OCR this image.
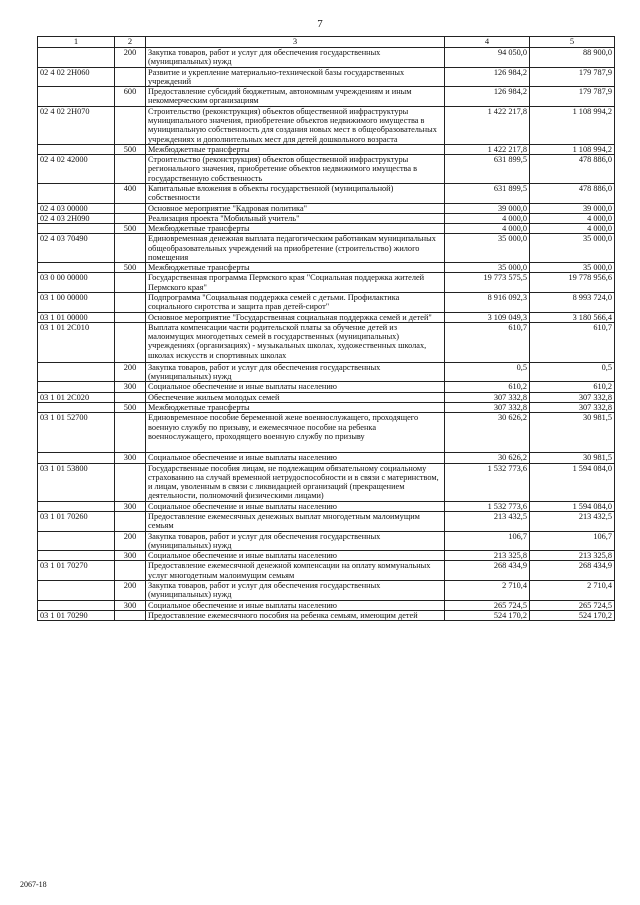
7
1	2	3	4	5
	200	Закупка товаров, работ и услуг для обеспечения государственных (муниципальных) нужд	94 050,0	88 900,0
02 4 02 2Н060		Развитие и укрепление материально-технической базы государственных учреждений	126 984,2	179 787,9
	600	Предоставление субсидий бюджетным, автономным учреждениям и иным некоммерческим организациям	126 984,2	179 787,9
02 4 02 2Н070		Строительство (реконструкция) объектов общественной инфраструктуры муниципального значения, приобретение объектов недвижимого имущества в муниципальную собственность для создания новых мест в общеобразовательных учреждениях и дополнительных мест для детей дошкольного возраста	1 422 217,8	1 108 994,2
	500	Межбюджетные трансферты	1 422 217,8	1 108 994,2
02 4 02 42000		Строительство (реконструкция) объектов общественной инфраструктуры регионального значения, приобретение объектов недвижимого имущества в государственную собственность	631 899,5	478 886,0
	400	Капитальные вложения в объекты государственной (муниципальной) собственности	631 899,5	478 886,0
02 4 03 00000		Основное мероприятие "Кадровая политика"	39 000,0	39 000,0
02 4 03 2Н090		Реализация проекта "Мобильный учитель"	4 000,0	4 000,0
	500	Межбюджетные трансферты	4 000,0	4 000,0
02 4 03 70490		Единовременная денежная выплата педагогическим работникам муниципальных общеобразовательных учреждений на приобретение (строительство) жилого помещения	35 000,0	35 000,0
	500	Межбюджетные трансферты	35 000,0	35 000,0
03 0 00 00000		Государственная программа Пермского края "Социальная поддержка жителей Пермского края"	19 773 575,5	19 778 956,6
03 1 00 00000		Подпрограмма "Социальная поддержка семей с детьми. Профилактика социального сиротства и защита прав детей-сирот"	8 916 092,3	8 993 724,0
03 1 01 00000		Основное мероприятие "Государственная социальная поддержка семей и детей"	3 109 049,3	3 180 566,4
03 1 01 2С010		Выплата компенсации части родительской платы за обучение детей из малоимущих многодетных семей в государственных (муниципальных) учреждениях (организациях) - музыкальных школах, художественных школах, школах искусств и спортивных школах	610,7	610,7
	200	Закупка товаров, работ и услуг для обеспечения государственных (муниципальных) нужд	0,5	0,5
	300	Социальное обеспечение и иные выплаты населению	610,2	610,2
03 1 01 2С020		Обеспечение жильем молодых семей	307 332,8	307 332,8
	500	Межбюджетные трансферты	307 332,8	307 332,8
03 1 01 52700		Единовременное пособие беременной жене военнослужащего, проходящего военную службу по призыву, и ежемесячное пособие на ребенка военнослужащего, проходящего военную службу по призыву	30 626,2	30 981,5
	300	Социальное обеспечение и иные выплаты населению	30 626,2	30 981,5
03 1 01 53800		Государственные пособия лицам, не подлежащим обязательному социальному страхованию на случай временной нетрудоспособности и в связи с материнством, и лицам, уволенным в связи с ликвидацией организаций (прекращением деятельности, полномочий физическими лицами)	1 532 773,6	1 594 084,0
	300	Социальное обеспечение и иные выплаты населению	1 532 773,6	1 594 084,0
03 1 01 70260		Предоставление ежемесячных денежных выплат многодетным малоимущим семьям	213 432,5	213 432,5
	200	Закупка товаров, работ и услуг для обеспечения государственных (муниципальных) нужд	106,7	106,7
	300	Социальное обеспечение и иные выплаты населению	213 325,8	213 325,8
03 1 01 70270		Предоставление ежемесячной денежной компенсации на оплату коммунальных услуг многодетным малоимущим семьям	268 434,9	268 434,9
	200	Закупка товаров, работ и услуг для обеспечения государственных (муниципальных) нужд	2 710,4	2 710,4
	300	Социальное обеспечение и иные выплаты населению	265 724,5	265 724,5
03 1 01 70290		Предоставление ежемесячного пособия на ребенка семьям, имеющим детей	524 170,2	524 170,2
2067-18
